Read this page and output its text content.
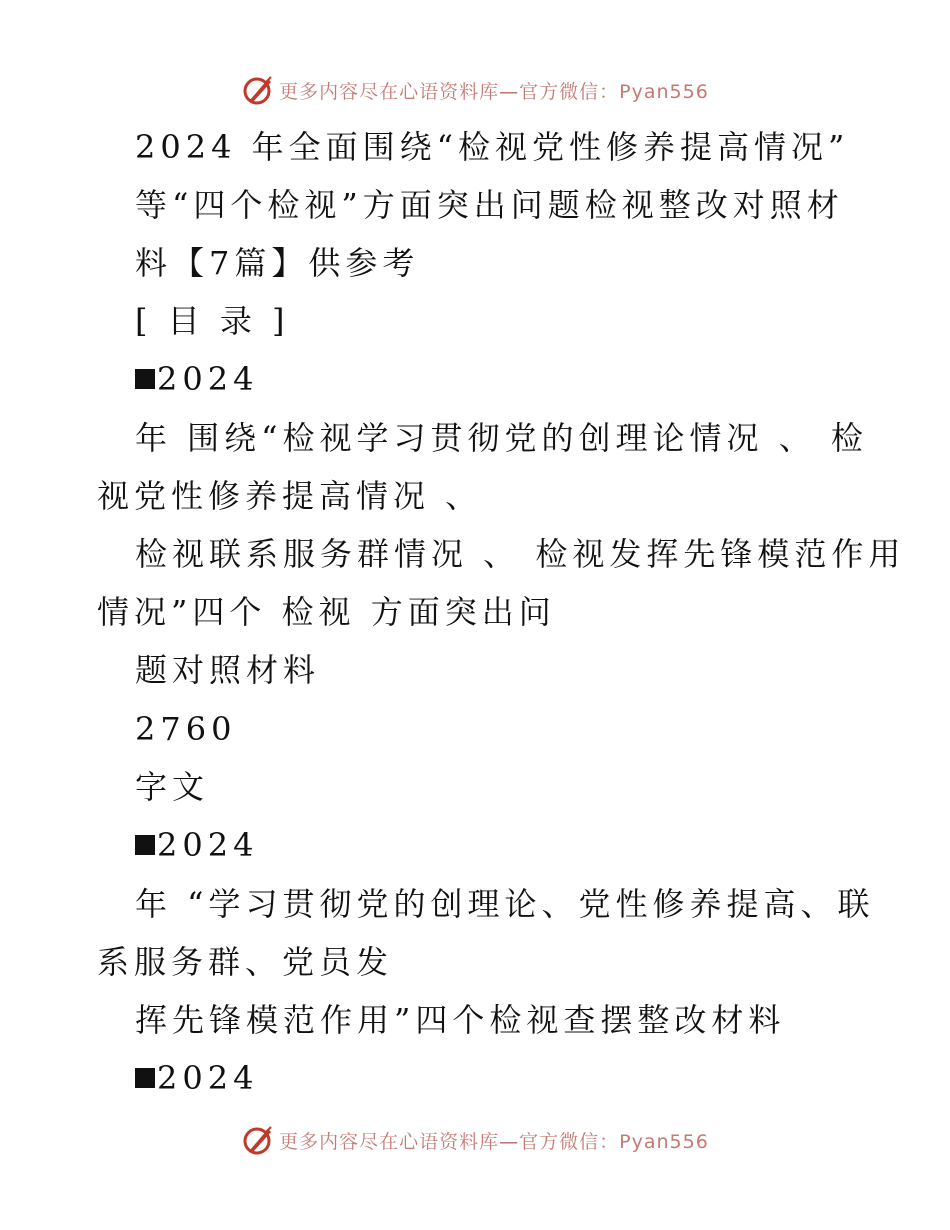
更多内容尽在心语资料库—官方微信：Pyan556
2024 年全面围绕“检视党性修养提高情况”
等“四个检视”方面突出问题检视整改对照材
料【7篇】供参考
[ 目 录 ]
2024
年 围绕“检视学习贯彻党的创理论情况 、 检
视党性修养提高情况 、
检视联系服务群情况 、 检视发挥先锋模范作用
情况”四个 检视 方面突出问
题对照材料
2760
字文
2024
年 “学习贯彻党的创理论、党性修养提高、联
系服务群、党员发
挥先锋模范作用”四个检视查摆整改材料
2024
更多内容尽在心语资料库—官方微信：Pyan556
